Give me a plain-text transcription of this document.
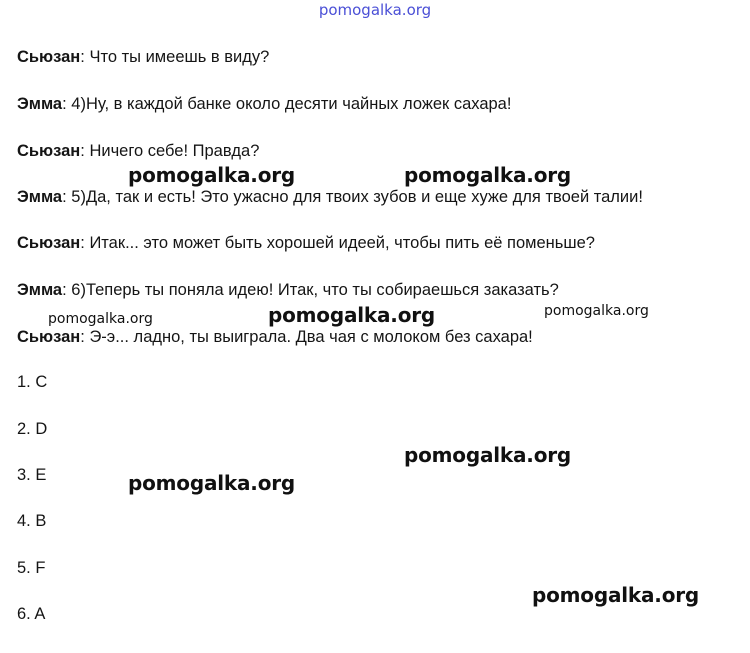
pomogalka.org
Сьюзан: Что ты имеешь в виду?
Эмма: 4)Ну, в каждой банке около десяти чайных ложек сахара!
Сьюзан: Ничего себе! Правда?
Эмма: 5)Да, так и есть! Это ужасно для твоих зубов и еще хуже для твоей талии!
Сьюзан: Итак... это может быть хорошей идеей, чтобы пить её поменьше?
Эмма: 6)Теперь ты поняла идею! Итак, что ты собираешься заказать?
Сьюзан: Э-э... ладно, ты выиграла. Два чая с молоком без сахара!
1. C
2. D
3. E
4. B
5. F
6. A
pomogalka.org	pomogalka.org
pomogalka.org	pomogalka.org	pomogalka.org
pomogalka.org
pomogalka.org
pomogalka.org
